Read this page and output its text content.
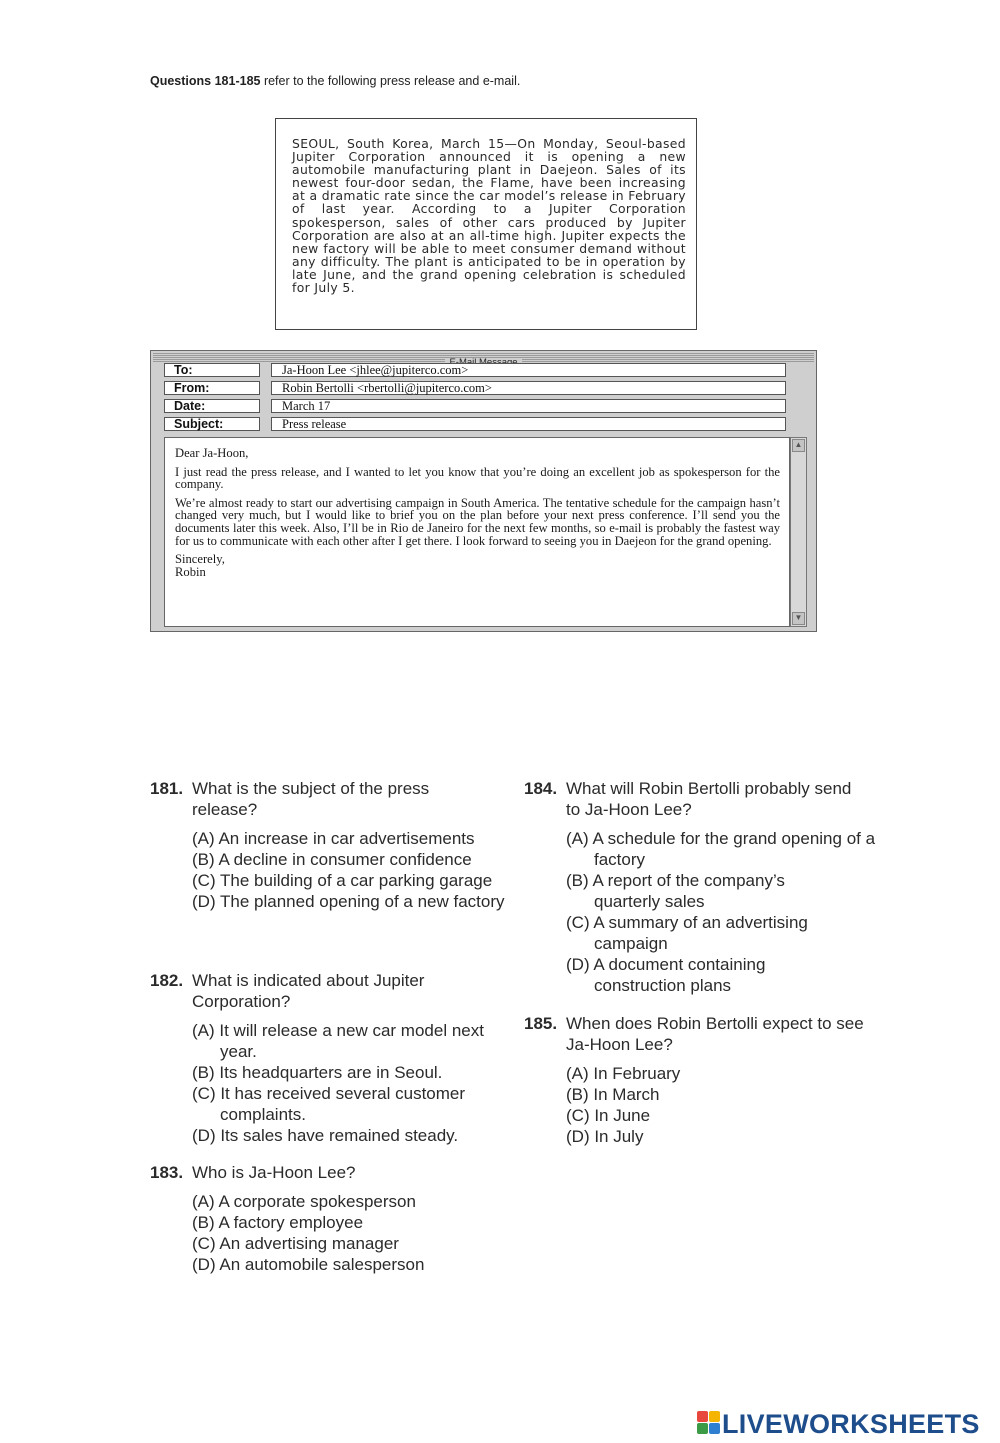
Questions 181-185 refer to the following press release and e-mail.
SEOUL, South Korea, March 15—On Monday, Seoul-based Jupiter Corporation announced it is opening a new automobile manufacturing plant in Daejeon. Sales of its newest four-door sedan, the Flame, have been increasing at a dramatic rate since the car model’s release in February of last year. According to a Jupiter Corporation spokesperson, sales of other cars produced by Jupiter Corporation are also at an all-time high. Jupiter expects the new factory will be able to meet consumer demand without any difficulty. The plant is anticipated to be in operation by late June, and the grand opening celebration is scheduled for July 5.
To:	Ja-Hoon Lee <jhlee@jupiterco.com>
From:	Robin Bertolli <rbertolli@jupiterco.com>
Date:	March 17
Subject:	Press release

Dear Ja-Hoon,

I just read the press release, and I wanted to let you know that you’re doing an excellent job as spokesperson for the company.

We’re almost ready to start our advertising campaign in South America. The tentative schedule for the campaign hasn’t changed very much, but I would like to brief you on the plan before your next press conference. I’ll send you the documents later this week. Also, I’ll be in Rio de Janeiro for the next few months, so e-mail is probably the fastest way for us to communicate with each other after I get there. I look forward to seeing you in Daejeon for the grand opening.

Sincerely,
Robin
▲
▼
181. What is the subject of the press release?
(A) An increase in car advertisements
(B) A decline in consumer confidence
(C) The building of a car parking garage
(D) The planned opening of a new factory
182. What is indicated about Jupiter Corporation?
(A) It will release a new car model next year.
(B) Its headquarters are in Seoul.
(C) It has received several customer complaints.
(D) Its sales have remained steady.
183. Who is Ja-Hoon Lee?
(A) A corporate spokesperson
(B) A factory employee
(C) An advertising manager
(D) An automobile salesperson
184. What will Robin Bertolli probably send to Ja-Hoon Lee?
(A) A schedule for the grand opening of a factory
(B) A report of the company’s quarterly sales
(C) A summary of an advertising campaign
(D) A document containing construction plans
185. When does Robin Bertolli expect to see Ja-Hoon Lee?
(A) In February
(B) In March
(C) In June
(D) In July
LIVEWORKSHEETS
